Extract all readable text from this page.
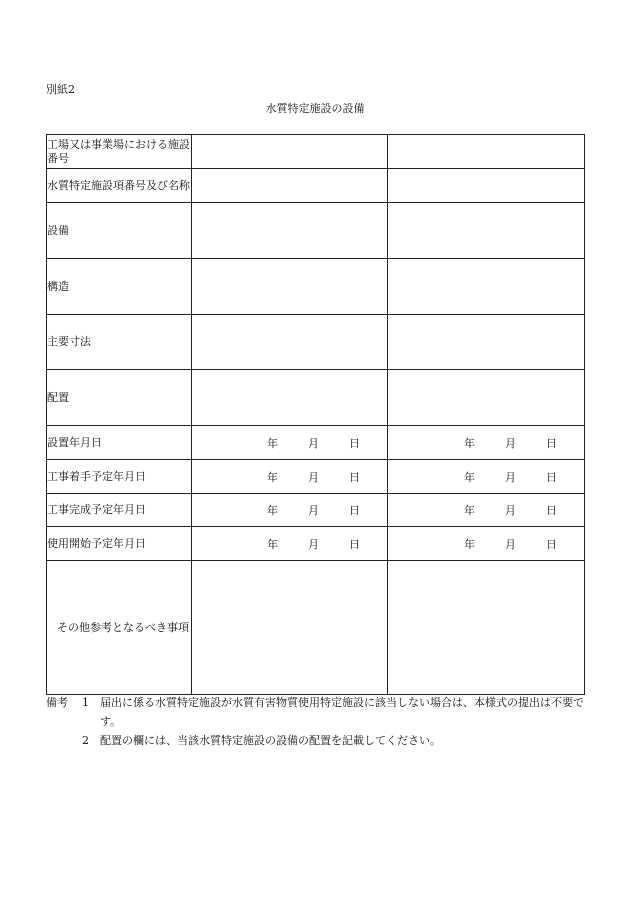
別紙2
水質特定施設の設備
工場又は事業場における施設番号		
水質特定施設項番号及び名称		
設備		
構造		
主要寸法		
配置		
設置年月日	年 月 日	年 月 日

工事着手予定年月日	年 月 日	年 月 日

工事完成予定年月日	年 月 日	年 月 日

使用開始予定年月日	年 月 日	年 月 日

その他参考となるべき事項		
備考	1	届出に係る水質特定施設が水質有害物質使用特定施設に該当しない場合は、本様式の提出は不要です。
2	配置の欄には、当該水質特定施設の設備の配置を記載してください。
